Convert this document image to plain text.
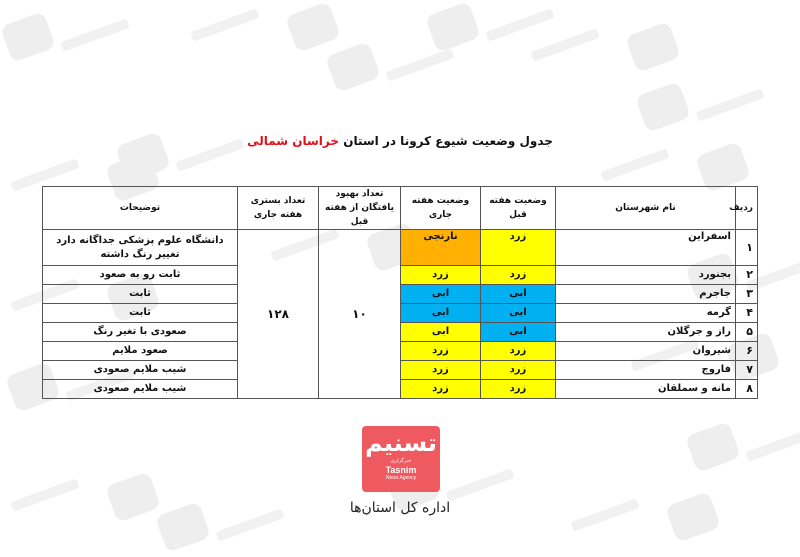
جدول وضعیت شیوع کرونا در استان خراسان شمالی
ردیف	نام شهرستان	وضعیت هفته قبل	وضعیت هفته جاری	تعداد بهبود یافتگان از هفته قبل	تعداد بستری هفته جاری	توضیحات
۱	اسفراین	زرد	نارنجی	۱۰	۱۲۸	دانشگاه علوم پزشکی جداگانه دارد تغییر رنگ داشته
۲	بجنورد	زرد	زرد			ثابت رو به صعود
۳	جاجرم	ابی	ابی			ثابت
۴	گرمه	ابی	ابی			ثابت
۵	راز و جرگلان	ابی	ابی			صعودی با تغیر رنگ
۶	شیروان	زرد	زرد			صعود ملایم
۷	فاروج	زرد	زرد			شیب ملایم صعودی
۸	مانه و سملقان	زرد	زرد			شیب ملایم صعودی
تسنیم
خبرگزاری
Tasnim
News Agency
اداره کل استان‌ها
